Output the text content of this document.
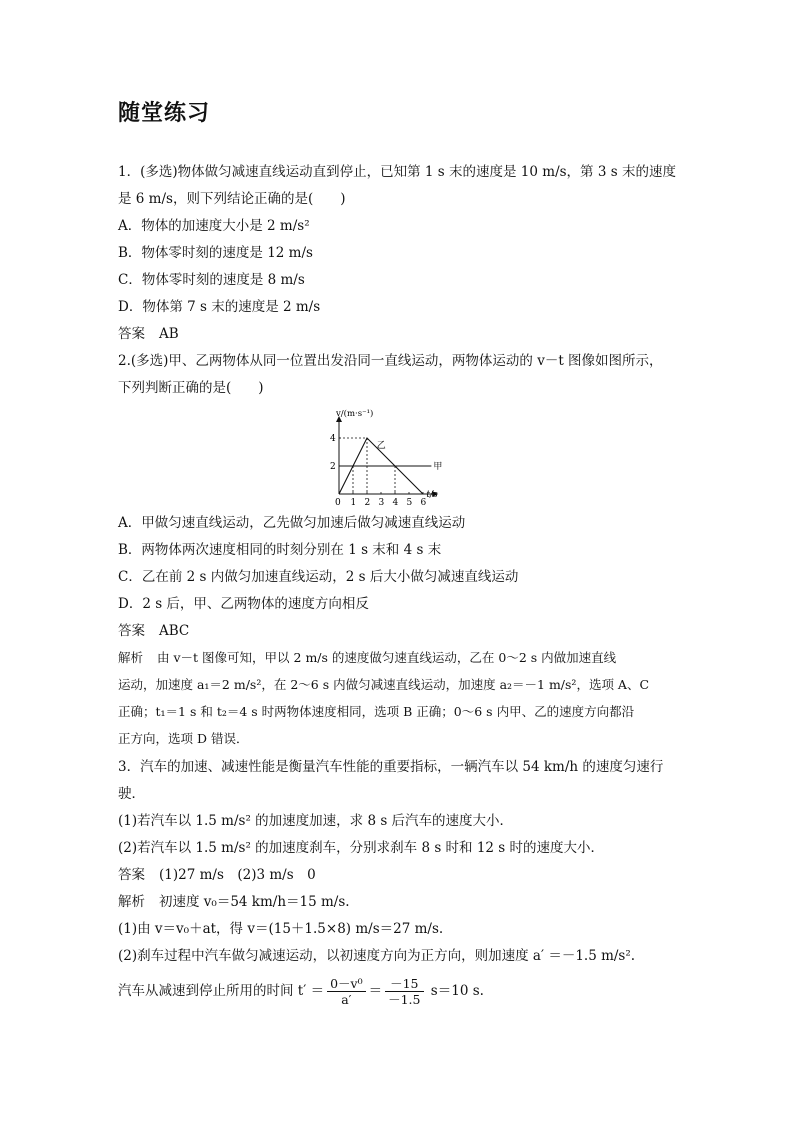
随堂练习
1．(多选)物体做匀减速直线运动直到停止，已知第 1 s 末的速度是 10 m/s，第 3 s 末的速度
是 6 m/s，则下列结论正确的是(　　)
A．物体的加速度大小是 2 m/s²
B．物体零时刻的速度是 12 m/s
C．物体零时刻的速度是 8 m/s
D．物体第 7 s 末的速度是 2 m/s
答案 AB
2.(多选)甲、乙两物体从同一位置出发沿同一直线运动，两物体运动的 v－t 图像如图所示，
下列判断正确的是(　　)
v/(m·s⁻¹)
t/s
0 1 2 3 4 5 6
2
4
甲
乙
A．甲做匀速直线运动，乙先做匀加速后做匀减速直线运动
B．两物体两次速度相同的时刻分别在 1 s 末和 4 s 末
C．乙在前 2 s 内做匀加速直线运动，2 s 后大小做匀减速直线运动
D．2 s 后，甲、乙两物体的速度方向相反
答案 ABC
解析 由 v－t 图像可知，甲以 2 m/s 的速度做匀速直线运动，乙在 0～2 s 内做加速直线
运动，加速度 a₁＝2 m/s²，在 2～6 s 内做匀减速直线运动，加速度 a₂＝－1 m/s²，选项 A、C
正确；t₁＝1 s 和 t₂＝4 s 时两物体速度相同，选项 B 正确；0～6 s 内甲、乙的速度方向都沿
正方向，选项 D 错误．
3．汽车的加速、减速性能是衡量汽车性能的重要指标，一辆汽车以 54 km/h 的速度匀速行
驶．
(1)若汽车以 1.5 m/s² 的加速度加速，求 8 s 后汽车的速度大小．
(2)若汽车以 1.5 m/s² 的加速度刹车，分别求刹车 8 s 时和 12 s 时的速度大小．
答案 (1)27 m/s　(2)3 m/s　0
解析 初速度 v₀＝54 km/h＝15 m/s.
(1)由 v＝v₀＋at，得 v＝(15＋1.5×8) m/s＝27 m/s.
(2)刹车过程中汽车做匀减速运动，以初速度方向为正方向，则加速度 a′ ＝－1.5 m/s².
汽车从减速到停止所用的时间 $t' = \frac{\text{0－v⁰}}{a'} = \frac{-15}{-1.5} s=10$ s.
